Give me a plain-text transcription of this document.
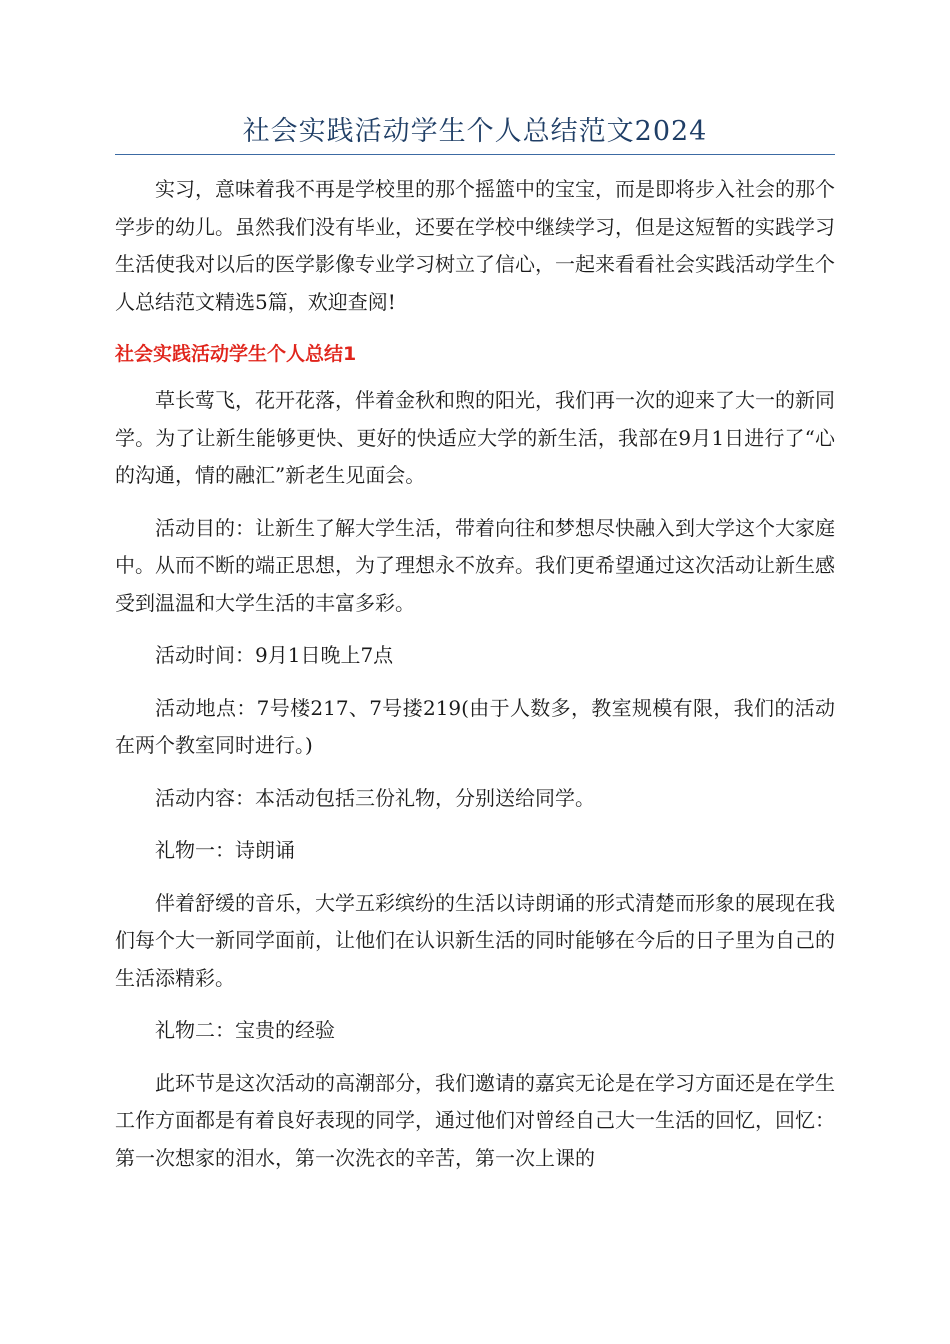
社会实践活动学生个人总结范文2024

实习，意味着我不再是学校里的那个摇篮中的宝宝，而是即将步入社会的那个学步的幼儿。虽然我们没有毕业，还要在学校中继续学习，但是这短暂的实践学习生活使我对以后的医学影像专业学习树立了信心，一起来看看社会实践活动学生个人总结范文精选5篇，欢迎查阅!

社会实践活动学生个人总结1

草长莺飞，花开花落，伴着金秋和煦的阳光，我们再一次的迎来了大一的新同学。为了让新生能够更快、更好的快适应大学的新生活，我部在9月1日进行了“心的沟通，情的融汇”新老生见面会。

活动目的：让新生了解大学生活，带着向往和梦想尽快融入到大学这个大家庭中。从而不断的端正思想，为了理想永不放弃。我们更希望通过这次活动让新生感受到温温和大学生活的丰富多彩。

活动时间：9月1日晚上7点

活动地点：7号楼217、7号搂219(由于人数多，教室规模有限，我们的活动在两个教室同时进行。)

活动内容：本活动包括三份礼物，分别送给同学。

礼物一：诗朗诵

伴着舒缓的音乐，大学五彩缤纷的生活以诗朗诵的形式清楚而形象的展现在我们每个大一新同学面前，让他们在认识新生活的同时能够在今后的日子里为自己的生活添精彩。

礼物二：宝贵的经验

此环节是这次活动的高潮部分，我们邀请的嘉宾无论是在学习方面还是在学生工作方面都是有着良好表现的同学，通过他们对曾经自己大一生活的回忆，回忆：第一次想家的泪水，第一次洗衣的辛苦，第一次上课的
